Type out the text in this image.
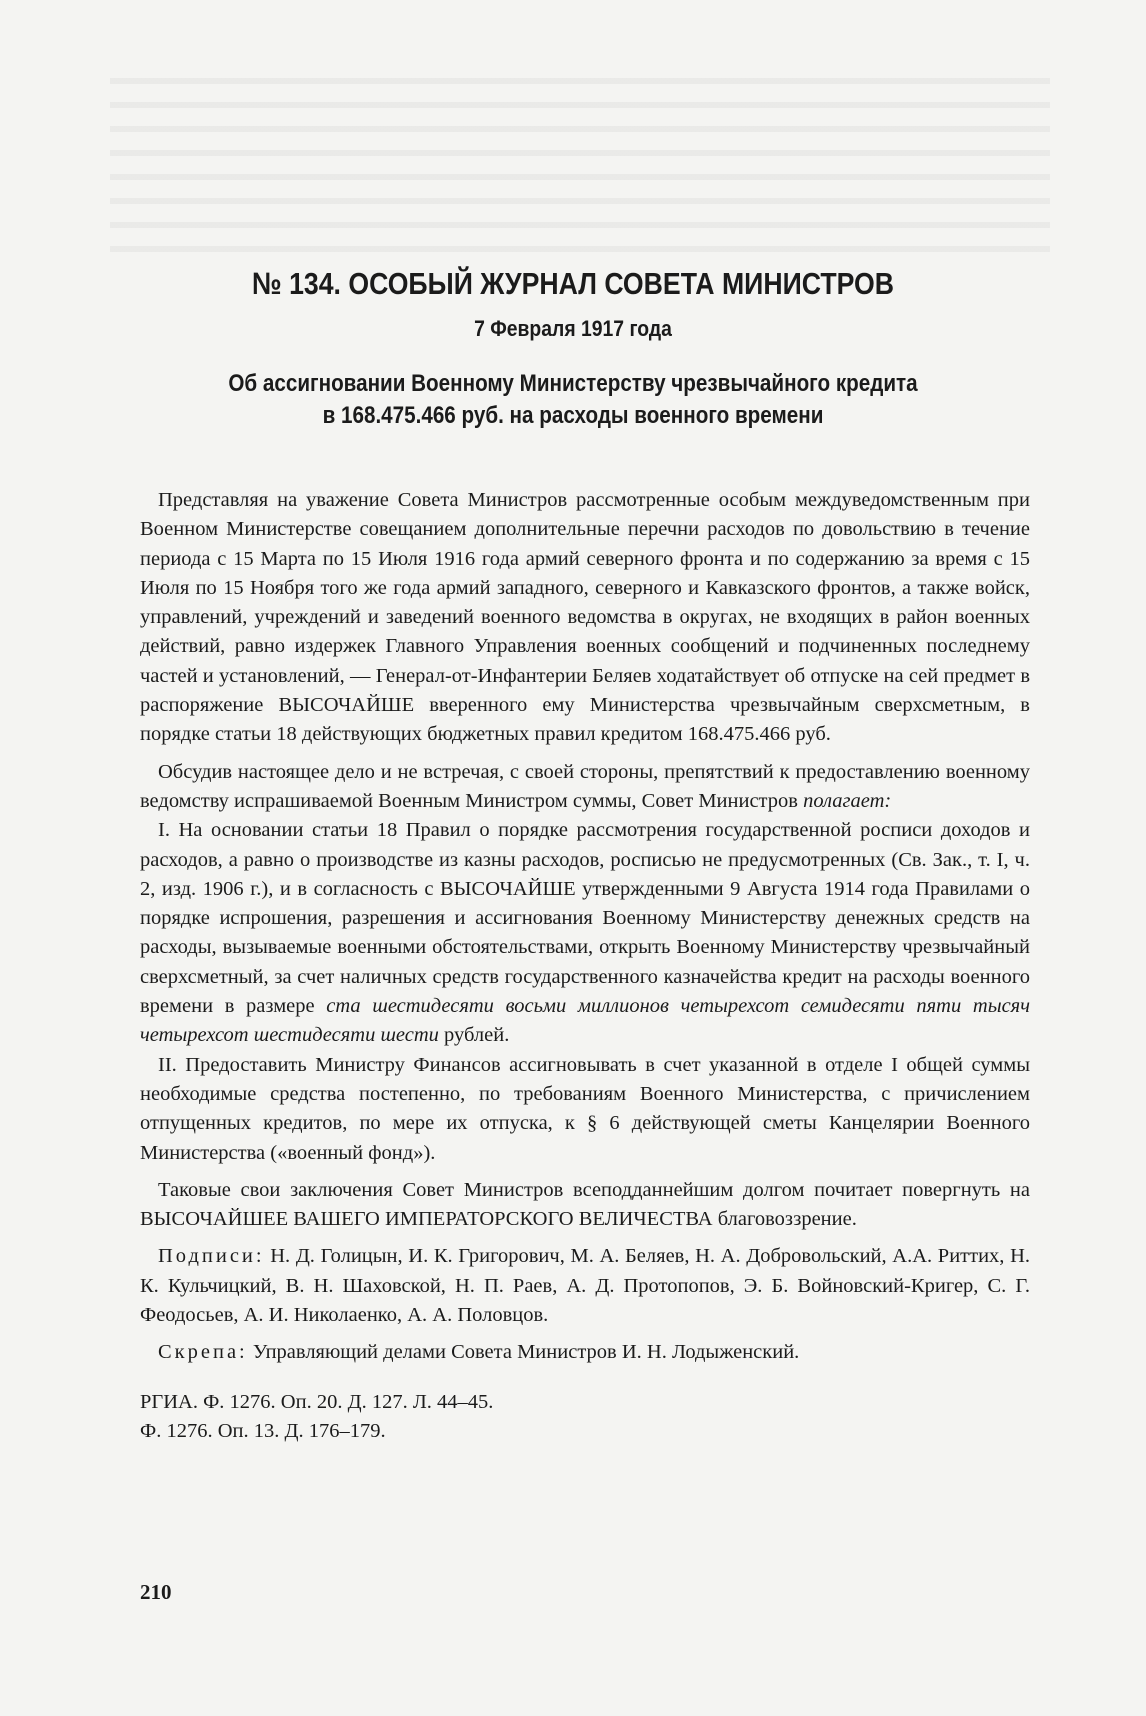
№ 134. ОСОБЫЙ ЖУРНАЛ СОВЕТА МИНИСТРОВ
7 Февраля 1917 года
Об ассигновании Военному Министерству чрезвычайного кредита
в 168.475.466 руб. на расходы военного времени

Представляя на уважение Совета Министров рассмотренные особым междуведомственным при Военном Министерстве совещанием дополнительные перечни расходов по довольствию в течение периода с 15 Марта по 15 Июля 1916 года армий северного фронта и по содержанию за время с 15 Июля по 15 Ноября того же года армий западного, северного и Кавказского фронтов, а также войск, управлений, учреждений и заведений военного ведомства в округах, не входящих в район военных действий, равно издержек Главного Управления военных сообщений и подчиненных последнему частей и установлений, — Генерал-от-Инфантерии Беляев ходатайствует об отпуске на сей предмет в распоряжение ВЫСОЧАЙШЕ вверенного ему Министерства чрезвычайным сверхсметным, в порядке статьи 18 действующих бюджетных правил кредитом 168.475.466 руб.

Обсудив настоящее дело и не встречая, с своей стороны, препятствий к предоставлению военному ведомству испрашиваемой Военным Министром суммы, Совет Министров полагает:

I. На основании статьи 18 Правил о порядке рассмотрения государственной росписи доходов и расходов, а равно о производстве из казны расходов, росписью не предусмотренных (Св. Зак., т. I, ч. 2, изд. 1906 г.), и в согласность с ВЫСОЧАЙШЕ утвержденными 9 Августа 1914 года Правилами о порядке испрошения, разрешения и ассигнования Военному Министерству денежных средств на расходы, вызываемые военными обстоятельствами, открыть Военному Министерству чрезвычайный сверхсметный, за счет наличных средств государственного казначейства кредит на расходы военного времени в размере ста шестидесяти восьми миллионов четырехсот семидесяти пяти тысяч четырехсот шестидесяти шести рублей.

II. Предоставить Министру Финансов ассигновывать в счет указанной в отделе I общей суммы необходимые средства постепенно, по требованиям Военного Министерства, с причислением отпущенных кредитов, по мере их отпуска, к § 6 действующей сметы Канцелярии Военного Министерства («военный фонд»).

Таковые свои заключения Совет Министров всеподданнейшим долгом почитает повергнуть на ВЫСОЧАЙШЕЕ ВАШЕГО ИМПЕРАТОРСКОГО ВЕЛИЧЕСТВА благовоззрение.

Подписи: Н. Д. Голицын, И. К. Григорович, М. А. Беляев, Н. А. Добровольский, А.А. Риттих, Н. К. Кульчицкий, В. Н. Шаховской, Н. П. Раев, А. Д. Протопопов, Э. Б. Войновский-Кригер, С. Г. Феодосьев, А. И. Николаенко, А. А. Половцов.

Скрепа: Управляющий делами Совета Министров И. Н. Лодыженский.

РГИА. Ф. 1276. Оп. 20. Д. 127. Л. 44–45.
Ф. 1276. Оп. 13. Д. 176–179.
210
